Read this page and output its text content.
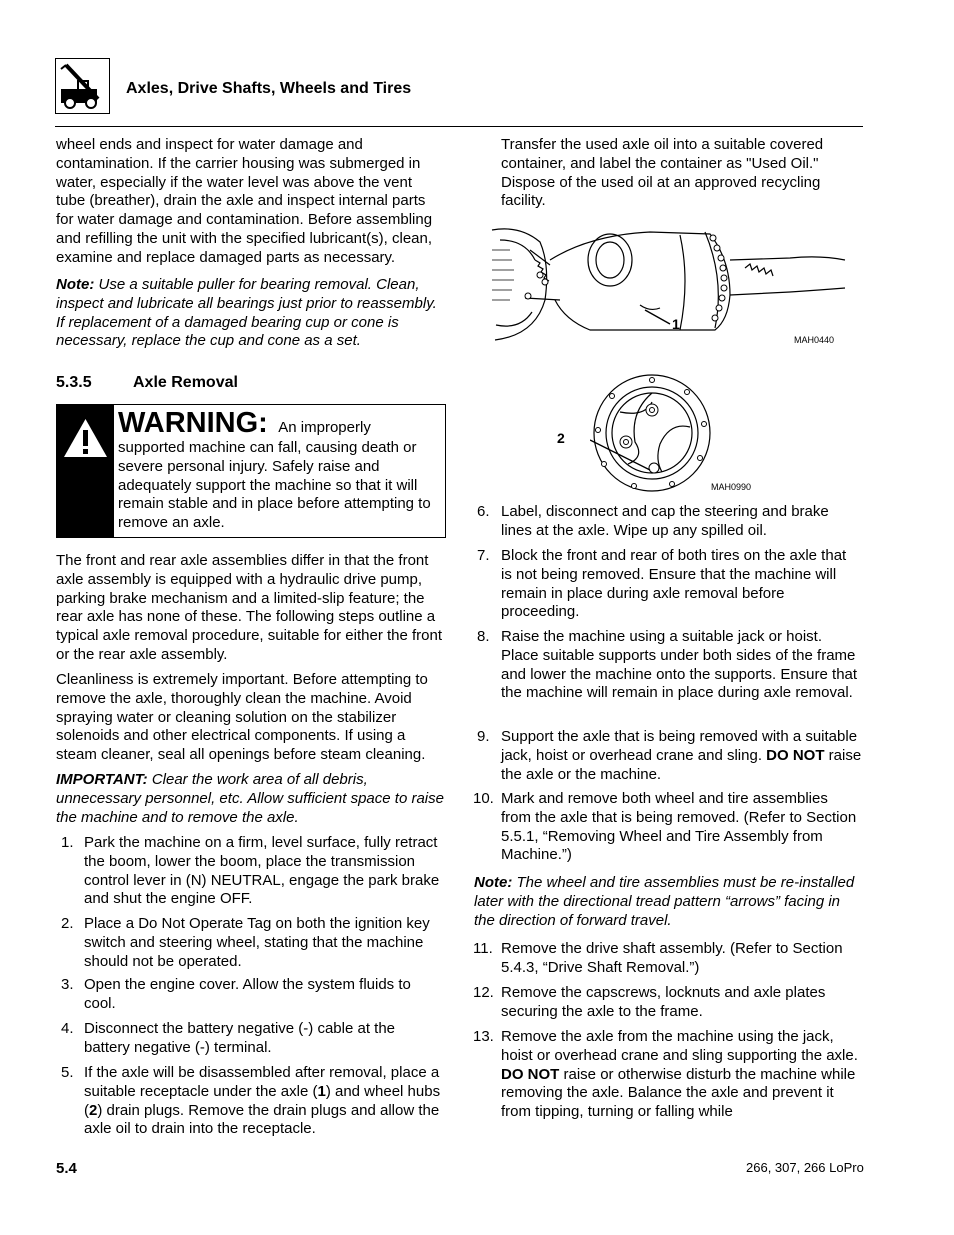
Axles, Drive Shafts, Wheels and Tires

wheel ends and inspect for water damage and contamination. If the carrier housing was submerged in water, especially if the water level was above the vent tube (breather), drain the axle and inspect internal parts for water damage and contamination. Before assembling and refilling the unit with the specified lubricant(s), clean, examine and replace damaged parts as necessary.

Note: Use a suitable puller for bearing removal. Clean, inspect and lubricate all bearings just prior to reassembly. If replacement of a damaged bearing cup or cone is necessary, replace the cup and cone as a set.

5.3.5	Axle Removal
WARNING: An improperly
supported machine can fall, causing death or severe personal injury. Safely raise and adequately support the machine so that it will remain stable and in place before attempting to remove an axle.

The front and rear axle assemblies differ in that the front axle assembly is equipped with a hydraulic drive pump, parking brake mechanism and a limited-slip feature; the rear axle has none of these. The following steps outline a typical axle removal procedure, suitable for either the front or the rear axle assembly.

Cleanliness is extremely important. Before attempting to remove the axle, thoroughly clean the machine. Avoid spraying water or cleaning solution on the stabilizer solenoids and other electrical components. If using a steam cleaner, seal all openings before steam cleaning.

IMPORTANT: Clear the work area of all debris, unnecessary personnel, etc. Allow sufficient space to raise the machine and to remove the axle.

1. Park the machine on a firm, level surface, fully retract the boom, lower the boom, place the transmission control lever in (N) NEUTRAL, engage the park brake and shut the engine OFF.
2. Place a Do Not Operate Tag on both the ignition key switch and steering wheel, stating that the machine should not be operated.
3. Open the engine cover. Allow the system fluids to cool.
4. Disconnect the battery negative (-) cable at the battery negative (-) terminal.
5. If the axle will be disassembled after removal, place a suitable receptacle under the axle (1) and wheel hubs (2) drain plugs. Remove the drain plugs and allow the axle oil to drain into the receptacle.

Transfer the used axle oil into a suitable covered container, and label the container as "Used Oil." Dispose of the used oil at an approved recycling facility.

1
MAH0440
2
MAH0990
6. Label, disconnect and cap the steering and brake lines at the axle. Wipe up any spilled oil.
7. Block the front and rear of both tires on the axle that is not being removed. Ensure that the machine will remain in place during axle removal before proceeding.
8. Raise the machine using a suitable jack or hoist. Place suitable supports under both sides of the frame and lower the machine onto the supports. Ensure that the machine will remain in place during axle removal.
9. Support the axle that is being removed with a suitable jack, hoist or overhead crane and sling. DO NOT raise the axle or the machine.
10. Mark and remove both wheel and tire assemblies from the axle that is being removed. (Refer to Section 5.5.1, “Removing Wheel and Tire Assembly from Machine.”)

Note: The wheel and tire assemblies must be re-installed later with the directional tread pattern “arrows” facing in the direction of forward travel.

11. Remove the drive shaft assembly. (Refer to Section 5.4.3, “Drive Shaft Removal.”)
12. Remove the capscrews, locknuts and axle plates securing the axle to the frame.
13. Remove the axle from the machine using the jack, hoist or overhead crane and sling supporting the axle. DO NOT raise or otherwise disturb the machine while removing the axle. Balance the axle and prevent it from tipping, turning or falling while
5.4	266, 307, 266 LoPro
